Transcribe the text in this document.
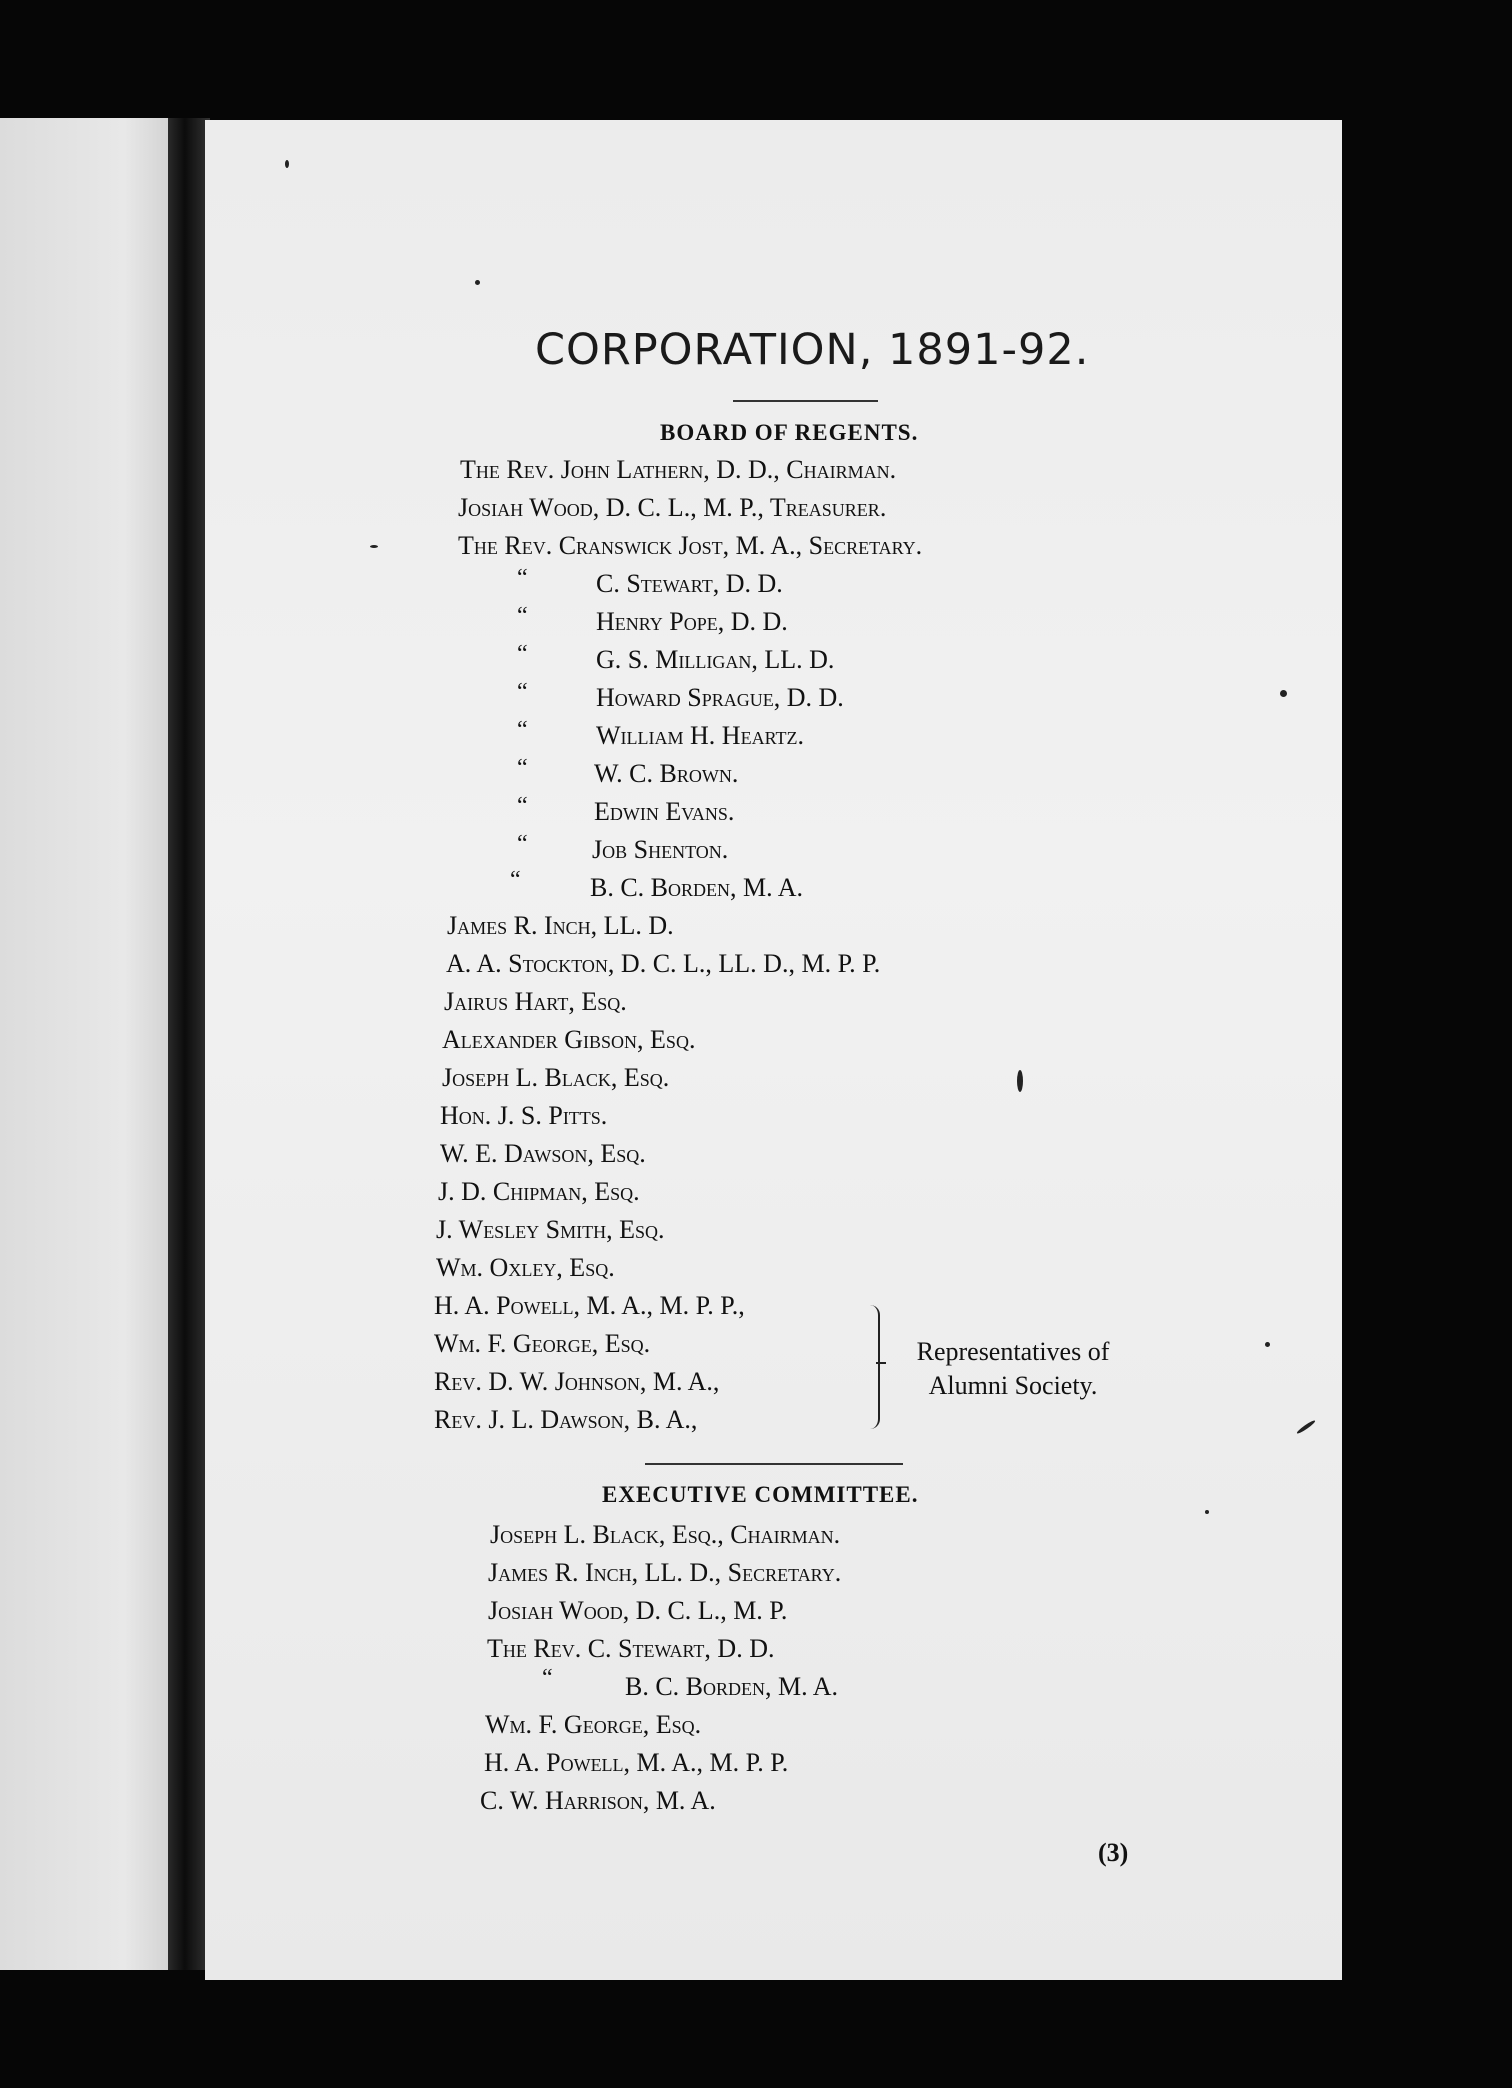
CORPORATION, 1891-92.
BOARD OF REGENTS.
The Rev. John Lathern, D. D., Chairman.
Josiah Wood, D. C. L., M. P., Treasurer.
The Rev. Cranswick Jost, M. A., Secretary.
“	C. Stewart, D. D.
“	Henry Pope, D. D.
“	G. S. Milligan, LL. D.
“	Howard Sprague, D. D.
“	William H. Heartz.
“	W. C. Brown.
“	Edwin Evans.
“ Job Shenton.
“	B. C. Borden, M. A.
James R. Inch, LL. D.
A. A. Stockton, D. C. L., LL. D., M. P. P.
Jairus Hart, Esq.
Alexander Gibson, Esq.
Joseph L. Black, Esq.
Hon. J. S. Pitts.
W. E. Dawson, Esq.
J. D. Chipman, Esq.
J. Wesley Smith, Esq.
Wm. Oxley, Esq.
H. A. Powell, M. A., M. P. P.,
Wm. F. George, Esq.
Rev. D. W. Johnson, M. A.,
Rev. J. L. Dawson, B. A.,
Representatives of
Alumni Society.
EXECUTIVE COMMITTEE.
Joseph L. Black, Esq., Chairman.
James R. Inch, LL. D., Secretary.
Josiah Wood, D. C. L., M. P.
The Rev. C. Stewart, D. D.
“	B. C. Borden, M. A.
Wm. F. George, Esq.
H. A. Powell, M. A., M. P. P.
C. W. Harrison, M. A.
(3)
